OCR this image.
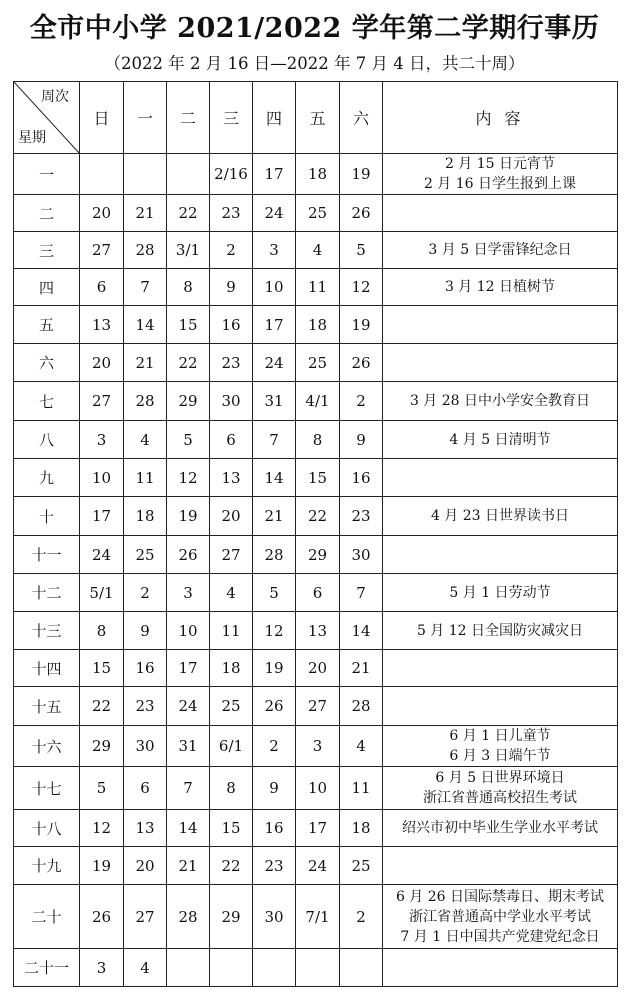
全市中小学 2021/2022 学年第二学期行事历
（2022 年 2 月 16 日—2022 年 7 月 4 日，共二十周）
周次
星期	日	一	二	三	四	五	六	内 容
一				2/16	17	18	19	2 月 15 日元宵节
2 月 16 日学生报到上课

二	20	21	22	23	24	25	26	
三	27	28	3/1	2	3	4	5	3 月 5 日学雷锋纪念日

四	6	7	8	9	10	11	12	3 月 12 日植树节

五	13	14	15	16	17	18	19	
六	20	21	22	23	24	25	26	
七	27	28	29	30	31	4/1	2	3 月 28 日中小学安全教育日

八	3	4	5	6	7	8	9	4 月 5 日清明节

九	10	11	12	13	14	15	16	
十	17	18	19	20	21	22	23	4 月 23 日世界读书日

十一	24	25	26	27	28	29	30	
十二	5/1	2	3	4	5	6	7	5 月 1 日劳动节

十三	8	9	10	11	12	13	14	5 月 12 日全国防灾减灾日

十四	15	16	17	18	19	20	21	
十五	22	23	24	25	26	27	28	
十六	29	30	31	6/1	2	3	4	6 月 1 日儿童节
6 月 3 日端午节

十七	5	6	7	8	9	10	11	6 月 5 日世界环境日
浙江省普通高校招生考试

十八	12	13	14	15	16	17	18	绍兴市初中毕业生学业水平考试

十九	19	20	21	22	23	24	25	
二十	26	27	28	29	30	7/1	2	6 月 26 日国际禁毒日、期末考试
浙江省普通高中学业水平考试
7 月 1 日中国共产党建党纪念日

二十一	3	4						
